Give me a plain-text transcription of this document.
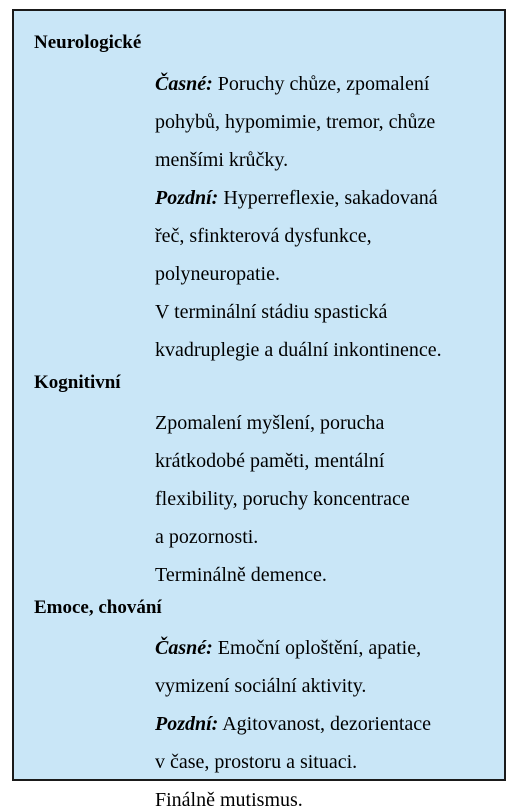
Neurologické
Časné: Poruchy chůze, zpomalení
pohybů, hypomimie, tremor, chůze
menšími krůčky.
Pozdní: Hyperreflexie, sakadovaná
řeč, sfinkterová dysfunkce,
polyneuropatie.
V terminální stádiu spastická
kvadruplegie a duální inkontinence.
Kognitivní
Zpomalení myšlení, porucha
krátkodobé paměti, mentální
flexibility, poruchy koncentrace
a pozornosti.
Terminálně demence.
Emoce, chování
Časné: Emoční oploštění, apatie,
vymizení sociální aktivity.
Pozdní: Agitovanost, dezorientace
v čase, prostoru a situaci.
Finálně mutismus.
